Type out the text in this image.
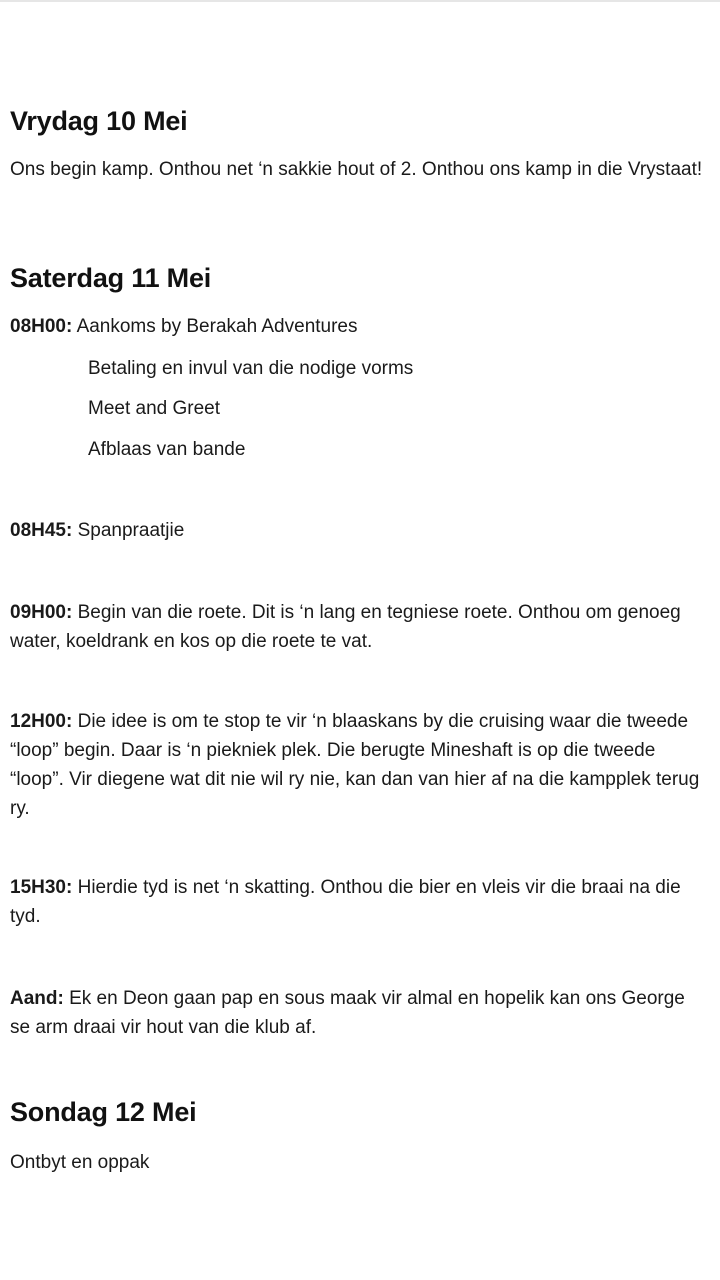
Vrydag 10 Mei

Ons begin kamp. Onthou net ‘n sakkie hout of 2. Onthou ons kamp in die Vrystaat!

Saterdag 11 Mei

08H00: Aankoms by Berakah Adventures

Betaling en invul van die nodige vorms

Meet and Greet

Afblaas van bande

08H45: Spanpraatjie

09H00: Begin van die roete. Dit is ‘n lang en tegniese roete. Onthou om genoeg water, koeldrank en kos op die roete te vat.

12H00: Die idee is om te stop te vir ‘n blaaskans by die cruising waar die tweede “loop” begin. Daar is ‘n piekniek plek. Die berugte Mineshaft is op die tweede “loop”. Vir diegene wat dit nie wil ry nie, kan dan van hier af na die kampplek terug ry.

15H30: Hierdie tyd is net ‘n skatting. Onthou die bier en vleis vir die braai na die tyd.

Aand: Ek en Deon gaan pap en sous maak vir almal en hopelik kan ons George se arm draai vir hout van die klub af.

Sondag 12 Mei

Ontbyt en oppak
